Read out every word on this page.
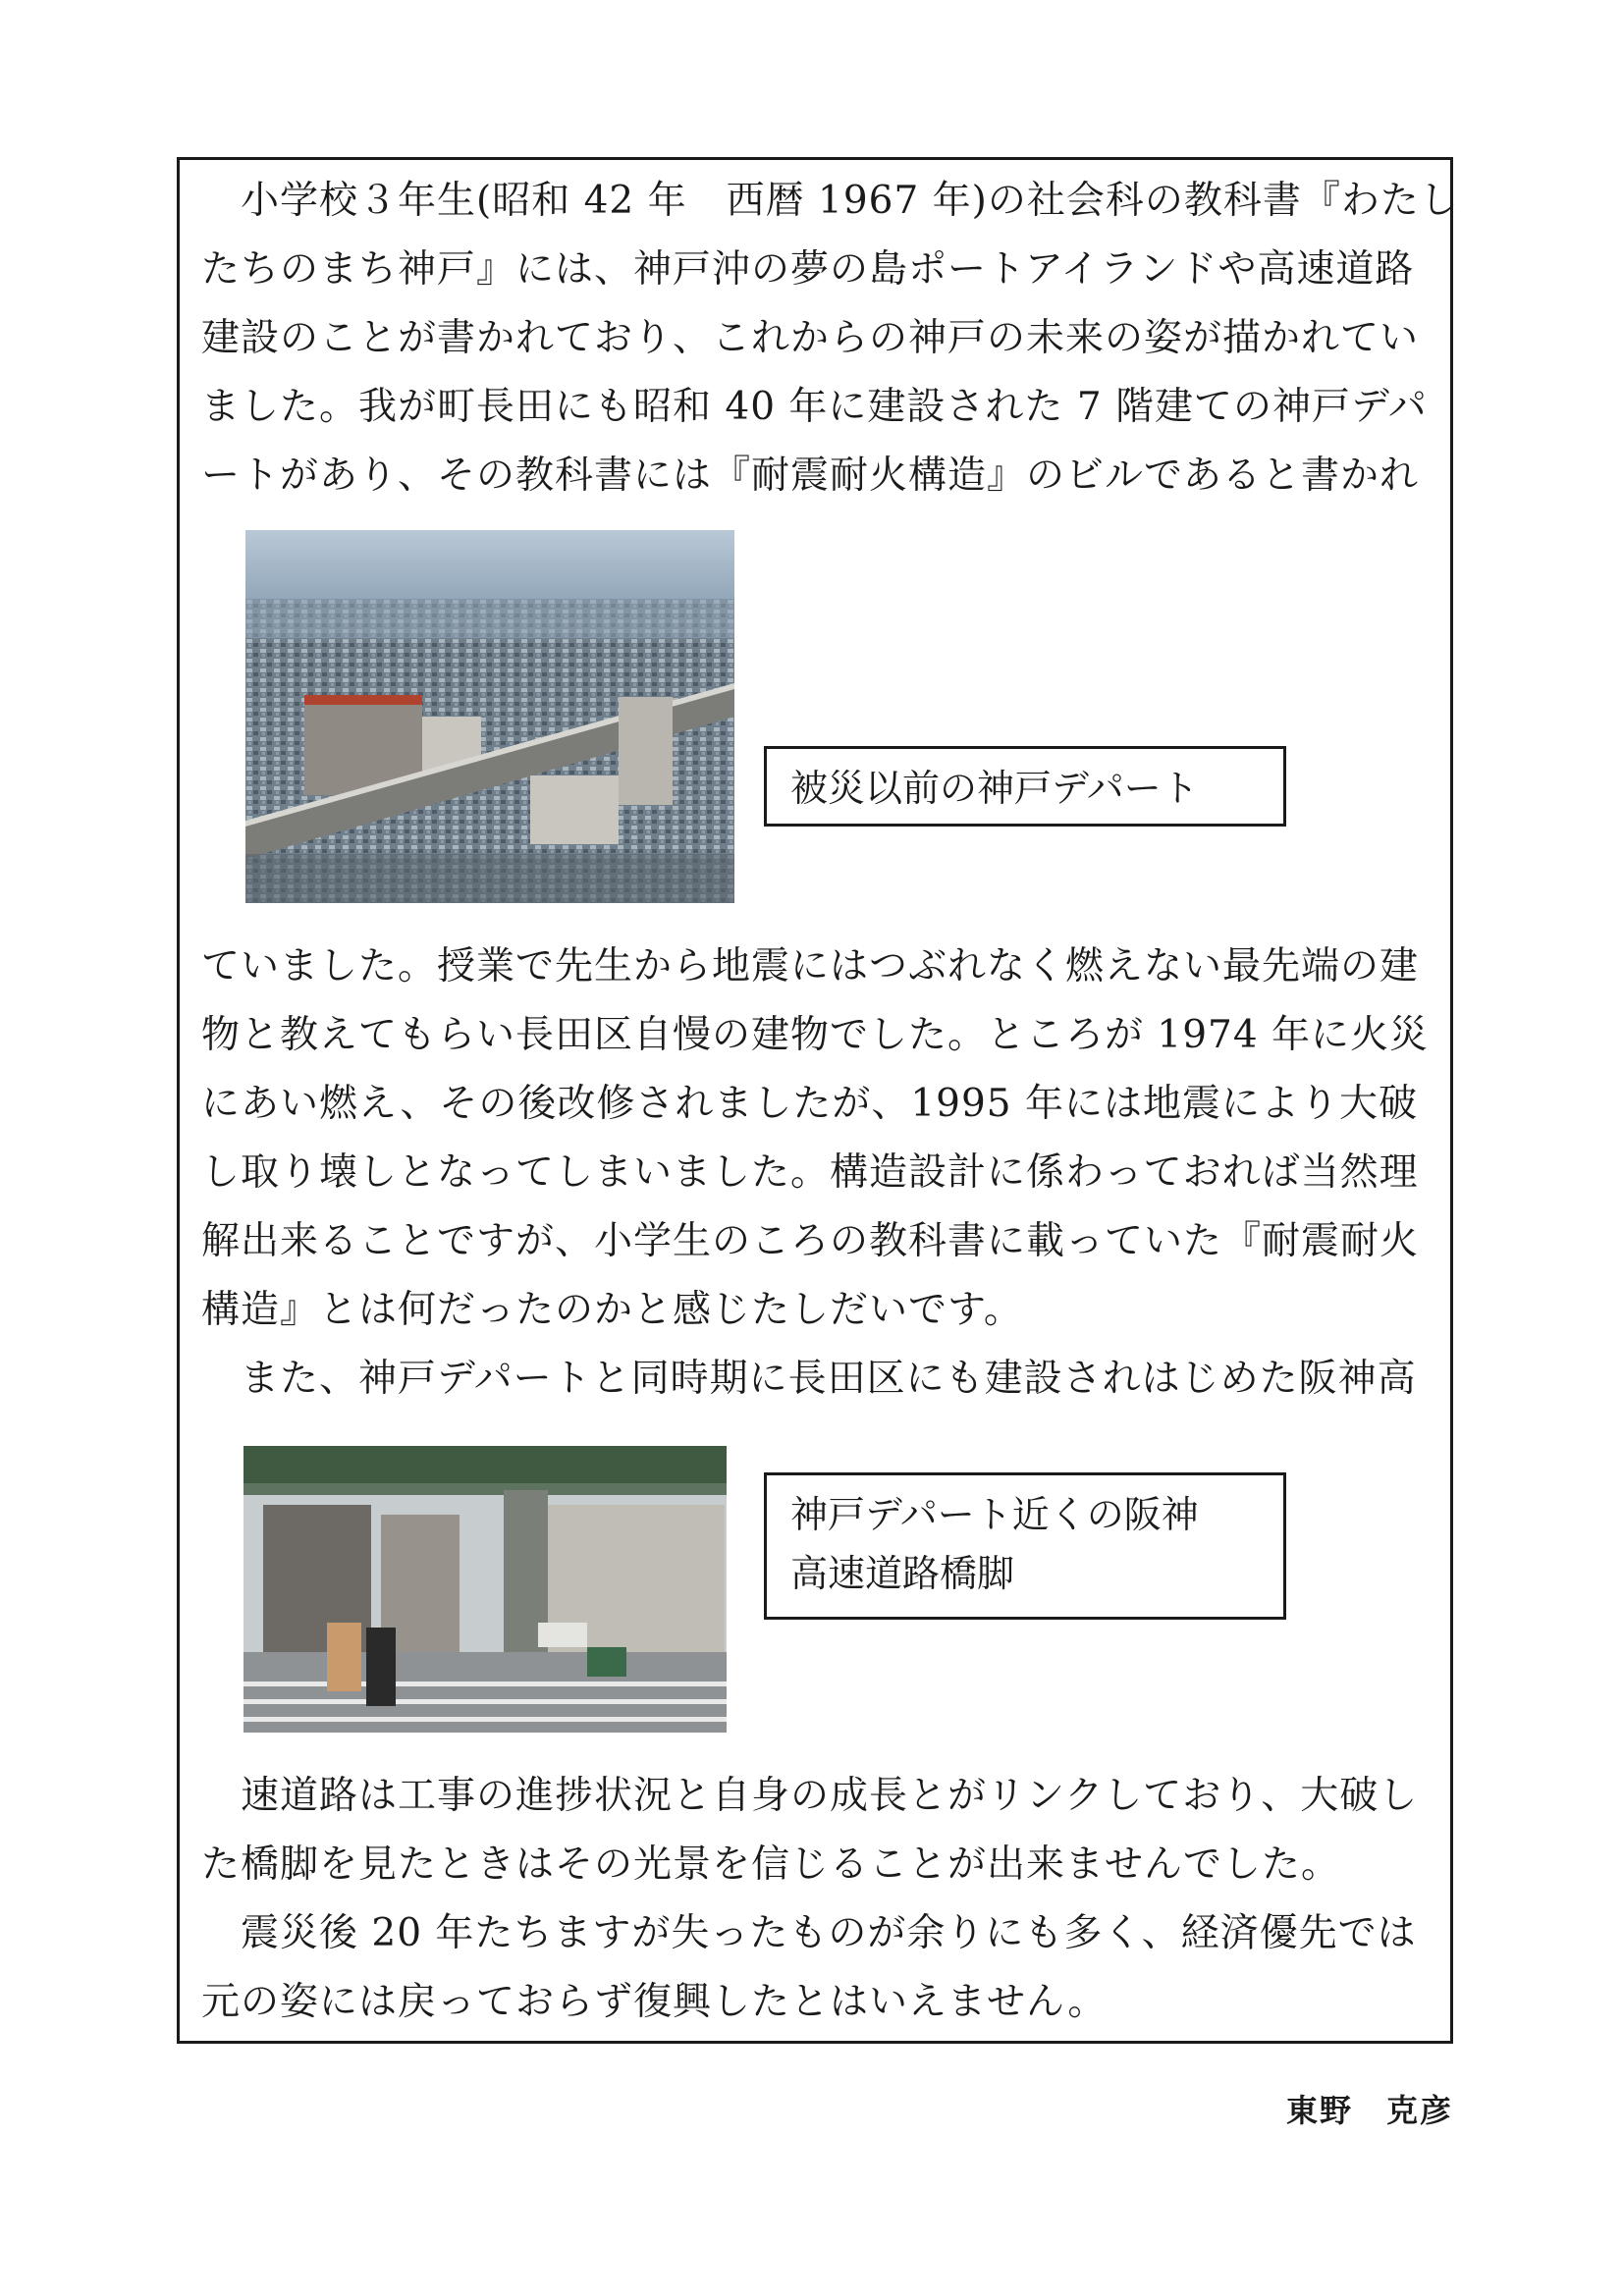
　小学校３年生(昭和 42 年　西暦 1967 年)の社会科の教科書『わたし
たちのまち神戸』には、神戸沖の夢の島ポートアイランドや高速道路
建設のことが書かれており、これからの神戸の未来の姿が描かれてい
ました。我が町長田にも昭和 40 年に建設された 7 階建ての神戸デパ
ートがあり、その教科書には『耐震耐火構造』のビルであると書かれ

被災以前の神戸デパート

ていました。授業で先生から地震にはつぶれなく燃えない最先端の建
物と教えてもらい長田区自慢の建物でした。ところが 1974 年に火災
にあい燃え、その後改修されましたが、1995 年には地震により大破
し取り壊しとなってしまいました。構造設計に係わっておれば当然理
解出来ることですが、小学生のころの教科書に載っていた『耐震耐火
構造』とは何だったのかと感じたしだいです。
　また、神戸デパートと同時期に長田区にも建設されはじめた阪神高

神戸デパート近くの阪神
高速道路橋脚

　速道路は工事の進捗状況と自身の成長とがリンクしており、大破し
た橋脚を見たときはその光景を信じることが出来ませんでした。
　震災後 20 年たちますが失ったものが余りにも多く、経済優先では
元の姿には戻っておらず復興したとはいえません。

東野　克彦
